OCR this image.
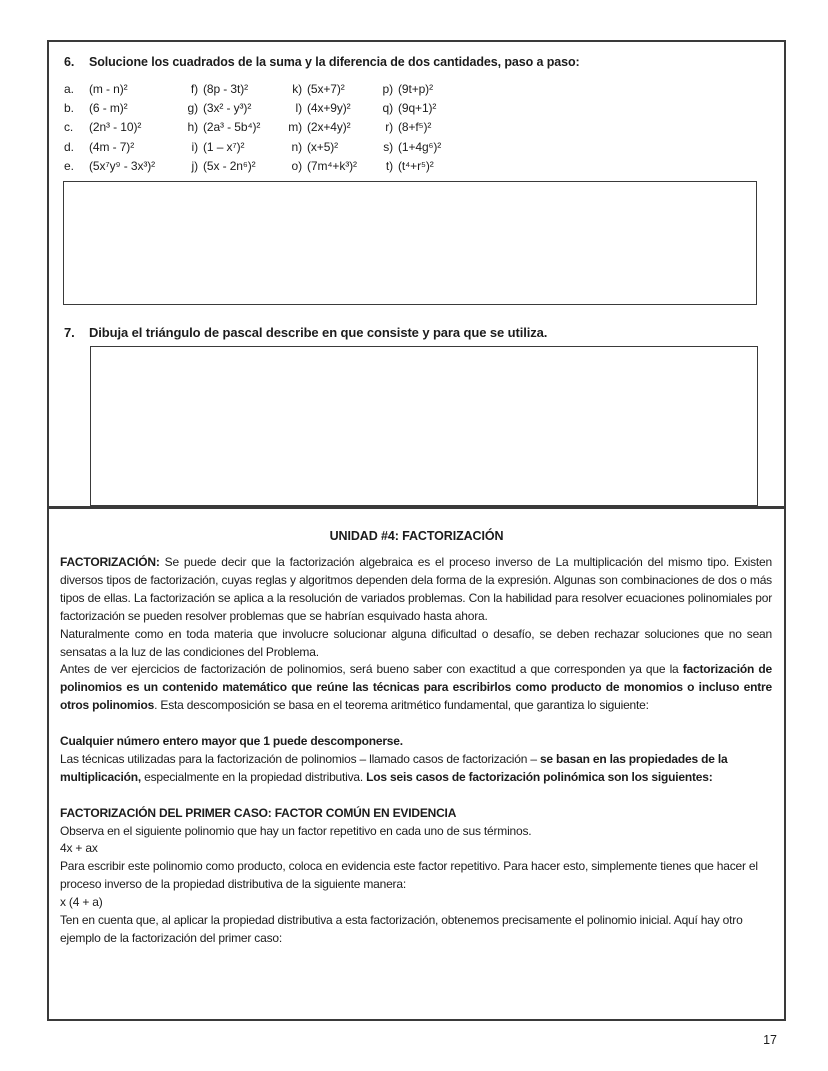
6. Solucione los cuadrados de la suma y la diferencia de dos cantidades, paso a paso:
a. (m - n)²	f) (8p - 3t)²	k) (5x+7)²	p) (9t+p)²
b. (6 - m)²	g) (3x² - y³)²	l) (4x+9y)²	q) (9q+1)²
c. (2n³ - 10)²	h) (2a³ - 5b⁴)²	m) (2x+4y)²	r) (8+f⁵)²
d. (4m - 7)²	i) (1 – x⁷)²	n) (x+5)²	s) (1+4g⁶)²
e. (5x⁷y⁹ - 3x³)²	j) (5x - 2n⁶)²	o) (7m⁴+k³)²	t) (t⁴+r⁵)²
7. Dibuja el triángulo de pascal describe en que consiste y para que se utiliza.
UNIDAD #4: FACTORIZACIÓN

FACTORIZACIÓN: Se puede decir que la factorización algebraica es el proceso inverso de La multiplicación del mismo tipo. Existen diversos tipos de factorización, cuyas reglas y algoritmos dependen dela forma de la expresión. Algunas son combinaciones de dos o más tipos de ellas. La factorización se aplica a la resolución de variados problemas. Con la habilidad para resolver ecuaciones polinomiales por factorización se pueden resolver problemas que se habrían esquivado hasta ahora.

Naturalmente como en toda materia que involucre solucionar alguna dificultad o desafío, se deben rechazar soluciones que no sean sensatas a la luz de las condiciones del Problema.

Antes de ver ejercicios de factorización de polinomios, será bueno saber con exactitud a que corresponden ya que la factorización de polinomios es un contenido matemático que reúne las técnicas para escribirlos como producto de monomios o incluso entre otros polinomios. Esta descomposición se basa en el teorema aritmético fundamental, que garantiza lo siguiente:

Cualquier número entero mayor que 1 puede descomponerse.

Las técnicas utilizadas para la factorización de polinomios – llamado casos de factorización – se basan en las propiedades de la multiplicación, especialmente en la propiedad distributiva. Los seis casos de factorización polinómica son los siguientes:

FACTORIZACIÓN DEL PRIMER CASO: FACTOR COMÚN EN EVIDENCIA

Observa en el siguiente polinomio que hay un factor repetitivo en cada uno de sus términos.

4x + ax

Para escribir este polinomio como producto, coloca en evidencia este factor repetitivo. Para hacer esto, simplemente tienes que hacer el proceso inverso de la propiedad distributiva de la siguiente manera:

x (4 + a)

Ten en cuenta que, al aplicar la propiedad distributiva a esta factorización, obtenemos precisamente el polinomio inicial. Aquí hay otro ejemplo de la factorización del primer caso:

17
